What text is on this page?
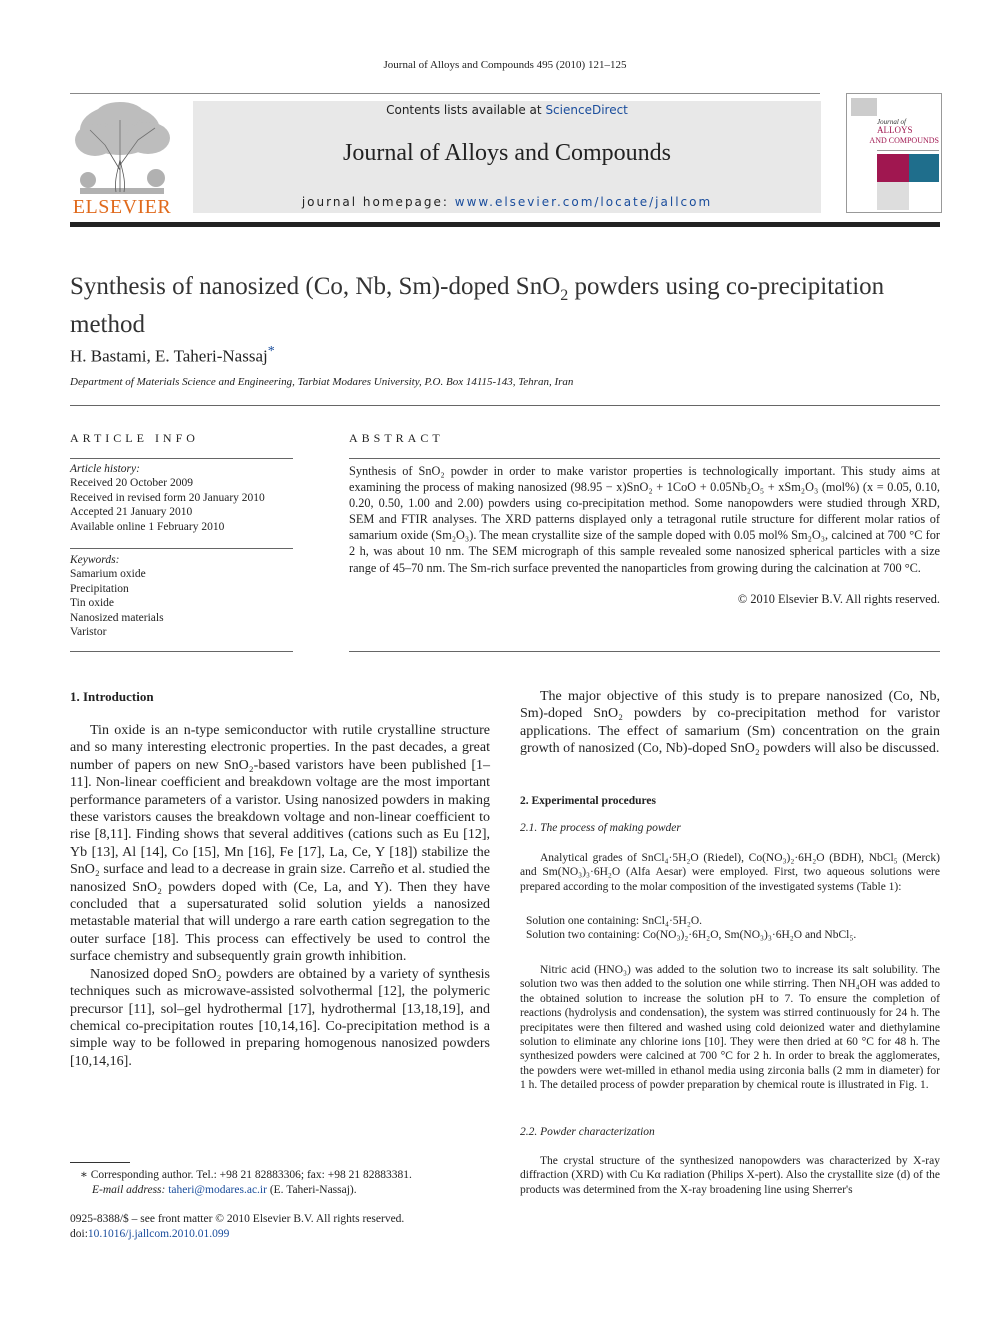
Journal of Alloys and Compounds 495 (2010) 121–125
ELSEVIER
Contents lists available at ScienceDirect
Journal of Alloys and Compounds
journal homepage: www.elsevier.com/locate/jallcom
Journal of
ALLOYS
AND COMPOUNDS
Synthesis of nanosized (Co, Nb, Sm)-doped SnO$_2$ powders using co-precipitation method
H. Bastami, E. Taheri-Nassaj*
Department of Materials Science and Engineering, Tarbiat Modares University, P.O. Box 14115-143, Tehran, Iran
ARTICLE INFO
Article history:
Received 20 October 2009
Received in revised form 20 January 2010
Accepted 21 January 2010
Available online 1 February 2010
Keywords:
Samarium oxide
Precipitation
Tin oxide
Nanosized materials
Varistor
ABSTRACT
Synthesis of SnO₂ powder in order to make varistor properties is technologically important. This study aims at examining the process of making nanosized (98.95 − x)SnO₂ + 1CoO + 0.05Nb₂O₅ + xSm₂O₃ (mol%) (x = 0.05, 0.10, 0.20, 0.50, 1.00 and 2.00) powders using co-precipitation method. Some nanopowders were studied through XRD, SEM and FTIR analyses. The XRD patterns displayed only a tetragonal rutile structure for different molar ratios of samarium oxide (Sm₂O₃). The mean crystallite size of the sample doped with 0.05 mol% Sm₂O₃, calcined at 700 °C for 2 h, was about 10 nm. The SEM micrograph of this sample revealed some nanosized spherical particles with a size range of 45–70 nm. The Sm-rich surface prevented the nanoparticles from growing during the calcination at 700 °C.
© 2010 Elsevier B.V. All rights reserved.
1. Introduction

Tin oxide is an n-type semiconductor with rutile crystalline structure and so many interesting electronic properties. In the past decades, a great number of papers on new SnO₂-based varistors have been published [1–11]. Non-linear coefficient and breakdown voltage are the most important performance parameters of a varistor. Using nanosized powders in making these varistors causes the breakdown voltage and non-linear coefficient to rise [8,11]. Finding shows that several additives (cations such as Eu [12], Yb [13], Al [14], Co [15], Mn [16], Fe [17], La, Ce, Y [18]) stabilize the SnO₂ surface and lead to a decrease in grain size. Carreño et al. studied the nanosized SnO₂ powders doped with (Ce, La, and Y). Then they have concluded that a supersaturated solid solution yields a nanosized metastable material that will undergo a rare earth cation segregation to the outer surface [18]. This process can effectively be used to control the surface chemistry and subsequently grain growth inhibition.

Nanosized doped SnO₂ powders are obtained by a variety of synthesis techniques such as microwave-assisted solvothermal [12], the polymeric precursor [11], sol–gel hydrothermal [17], hydrothermal [13,18,19], and chemical co-precipitation routes [10,14,16]. Co-precipitation method is a simple way to be followed in preparing homogenous nanosized powders [10,14,16].

∗ Corresponding author. Tel.: +98 21 82883306; fax: +98 21 82883381.
E-mail address: taheri@modares.ac.ir (E. Taheri-Nassaj).
0925-8388/$ – see front matter © 2010 Elsevier B.V. All rights reserved.
doi:10.1016/j.jallcom.2010.01.099

The major objective of this study is to prepare nanosized (Co, Nb, Sm)-doped SnO₂ powders by co-precipitation method for varistor applications. The effect of samarium (Sm) concentration on the grain growth of nanosized (Co, Nb)-doped SnO₂ powders will also be discussed.

2. Experimental procedures
2.1. The process of making powder

Analytical grades of SnCl₄·5H₂O (Riedel), Co(NO₃)₂·6H₂O (BDH), NbCl₅ (Merck) and Sm(NO₃)₃·6H₂O (Alfa Aesar) were employed. First, two aqueous solutions were prepared according to the molar composition of the investigated systems (Table 1):

Solution one containing: SnCl₄·5H₂O.
Solution two containing: Co(NO₃)₂·6H₂O, Sm(NO₃)₃·6H₂O and NbCl₅.

Nitric acid (HNO₃) was added to the solution two to increase its salt solubility. The solution two was then added to the solution one while stirring. Then NH₄OH was added to the obtained solution to increase the solution pH to 7. To ensure the completion of reactions (hydrolysis and condensation), the system was stirred continuously for 24 h. The precipitates were then filtered and washed using cold deionized water and diethylamine solution to eliminate any chlorine ions [10]. They were then dried at 60 °C for 48 h. The synthesized powders were calcined at 700 °C for 2 h. In order to break the agglomerates, the powders were wet-milled in ethanol media using zirconia balls (2 mm in diameter) for 1 h. The detailed process of powder preparation by chemical route is illustrated in Fig. 1.

2.2. Powder characterization

The crystal structure of the synthesized nanopowders was characterized by X-ray diffraction (XRD) with Cu Kα radiation (Philips X-pert). Also the crystallite size (d) of the products was determined from the X-ray broadening line using Sherrer's
